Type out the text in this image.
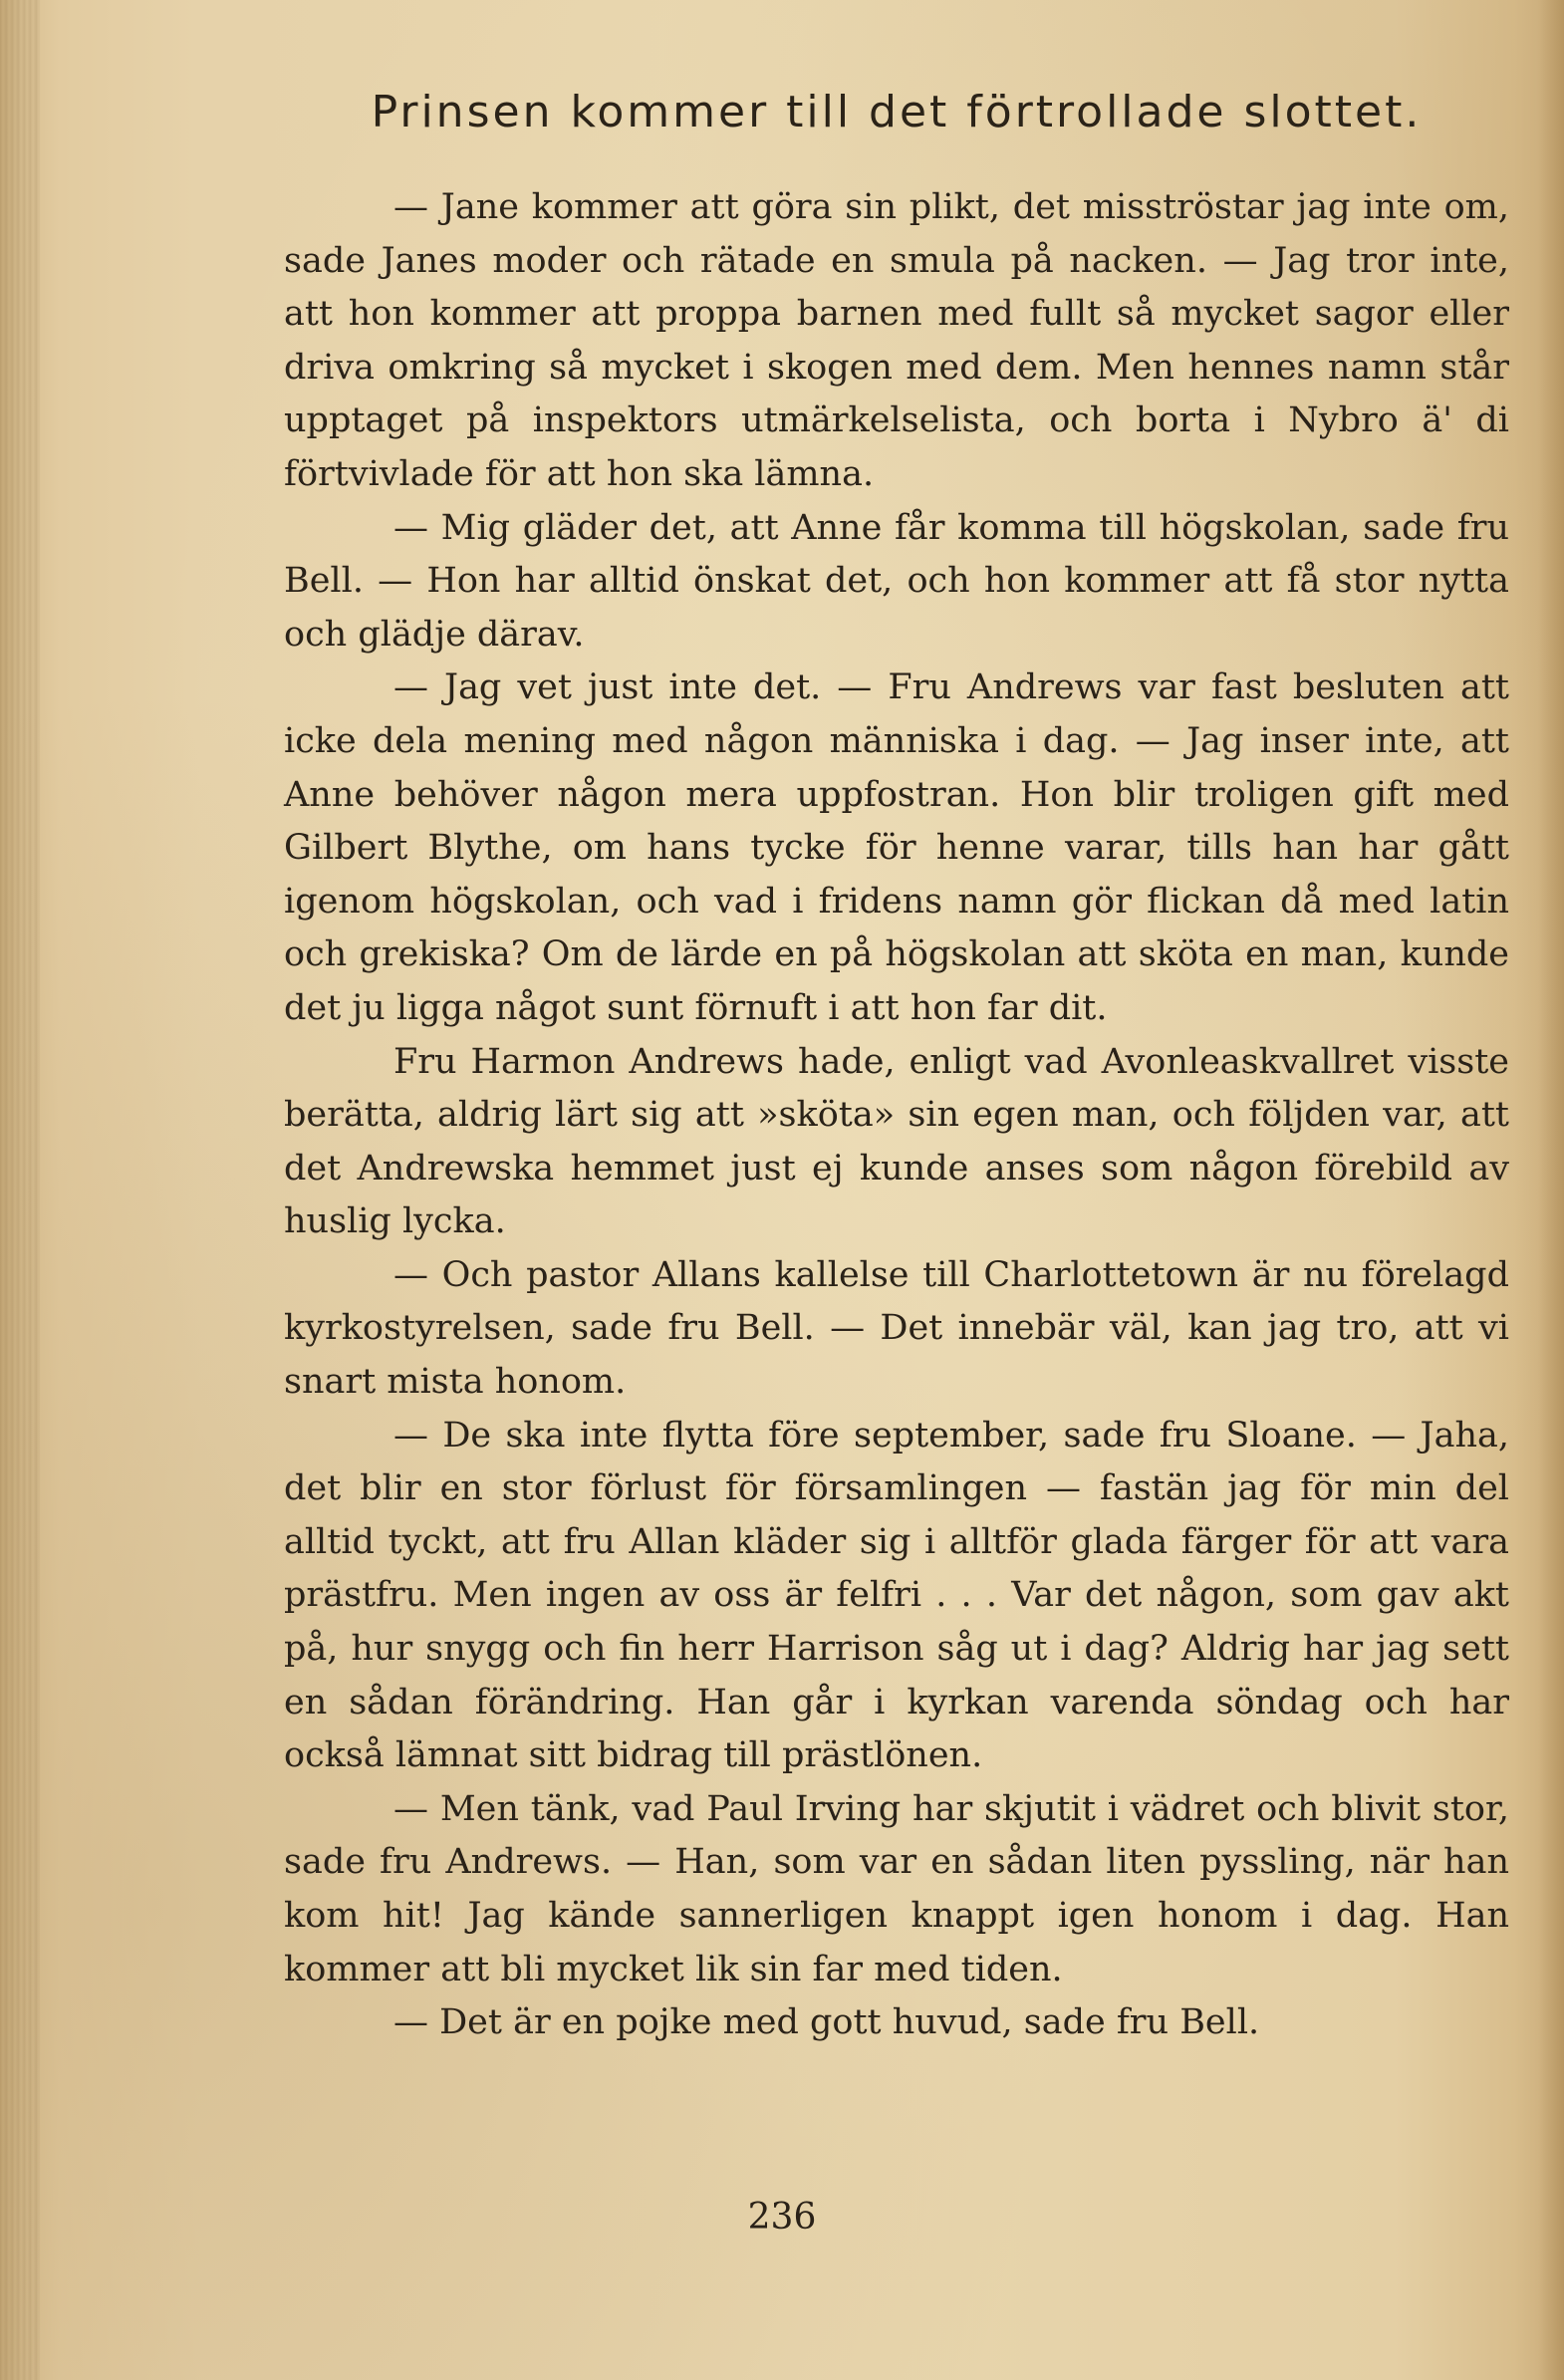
Prinsen kommer till det förtrollade slottet.

— Jane kommer att göra sin plikt, det misströstar jag inte om, sade Janes moder och rätade en smula på nacken. — Jag tror inte, att hon kommer att proppa barnen med fullt så mycket sagor eller driva omkring så mycket i skogen med dem. Men hennes namn står upptaget på inspektors utmärkelselista, och borta i Nybro ä' di förtvivlade för att hon ska lämna.

— Mig gläder det, att Anne får komma till högskolan, sade fru Bell. — Hon har alltid önskat det, och hon kommer att få stor nytta och glädje därav.

— Jag vet just inte det. — Fru Andrews var fast besluten att icke dela mening med någon människa i dag. — Jag inser inte, att Anne behöver någon mera uppfostran. Hon blir troligen gift med Gilbert Blythe, om hans tycke för henne varar, tills han har gått igenom högskolan, och vad i fridens namn gör flickan då med latin och grekiska? Om de lärde en på högskolan att sköta en man, kunde det ju ligga något sunt förnuft i att hon far dit.

Fru Harmon Andrews hade, enligt vad Avonleaskvallret visste berätta, aldrig lärt sig att »sköta» sin egen man, och följden var, att det Andrewska hemmet just ej kunde anses som någon förebild av huslig lycka.

— Och pastor Allans kallelse till Charlottetown är nu förelagd kyrkostyrelsen, sade fru Bell. — Det innebär väl, kan jag tro, att vi snart mista honom.

— De ska inte flytta före september, sade fru Sloane. — Jaha, det blir en stor förlust för församlingen — fastän jag för min del alltid tyckt, att fru Allan kläder sig i alltför glada färger för att vara prästfru. Men ingen av oss är felfri . . . Var det någon, som gav akt på, hur snygg och fin herr Harrison såg ut i dag? Aldrig har jag sett en sådan förändring. Han går i kyrkan varenda söndag och har också lämnat sitt bidrag till prästlönen.

— Men tänk, vad Paul Irving har skjutit i vädret och blivit stor, sade fru Andrews. — Han, som var en sådan liten pyssling, när han kom hit! Jag kände sannerligen knappt igen honom i dag. Han kommer att bli mycket lik sin far med tiden.

— Det är en pojke med gott huvud, sade fru Bell.

236
